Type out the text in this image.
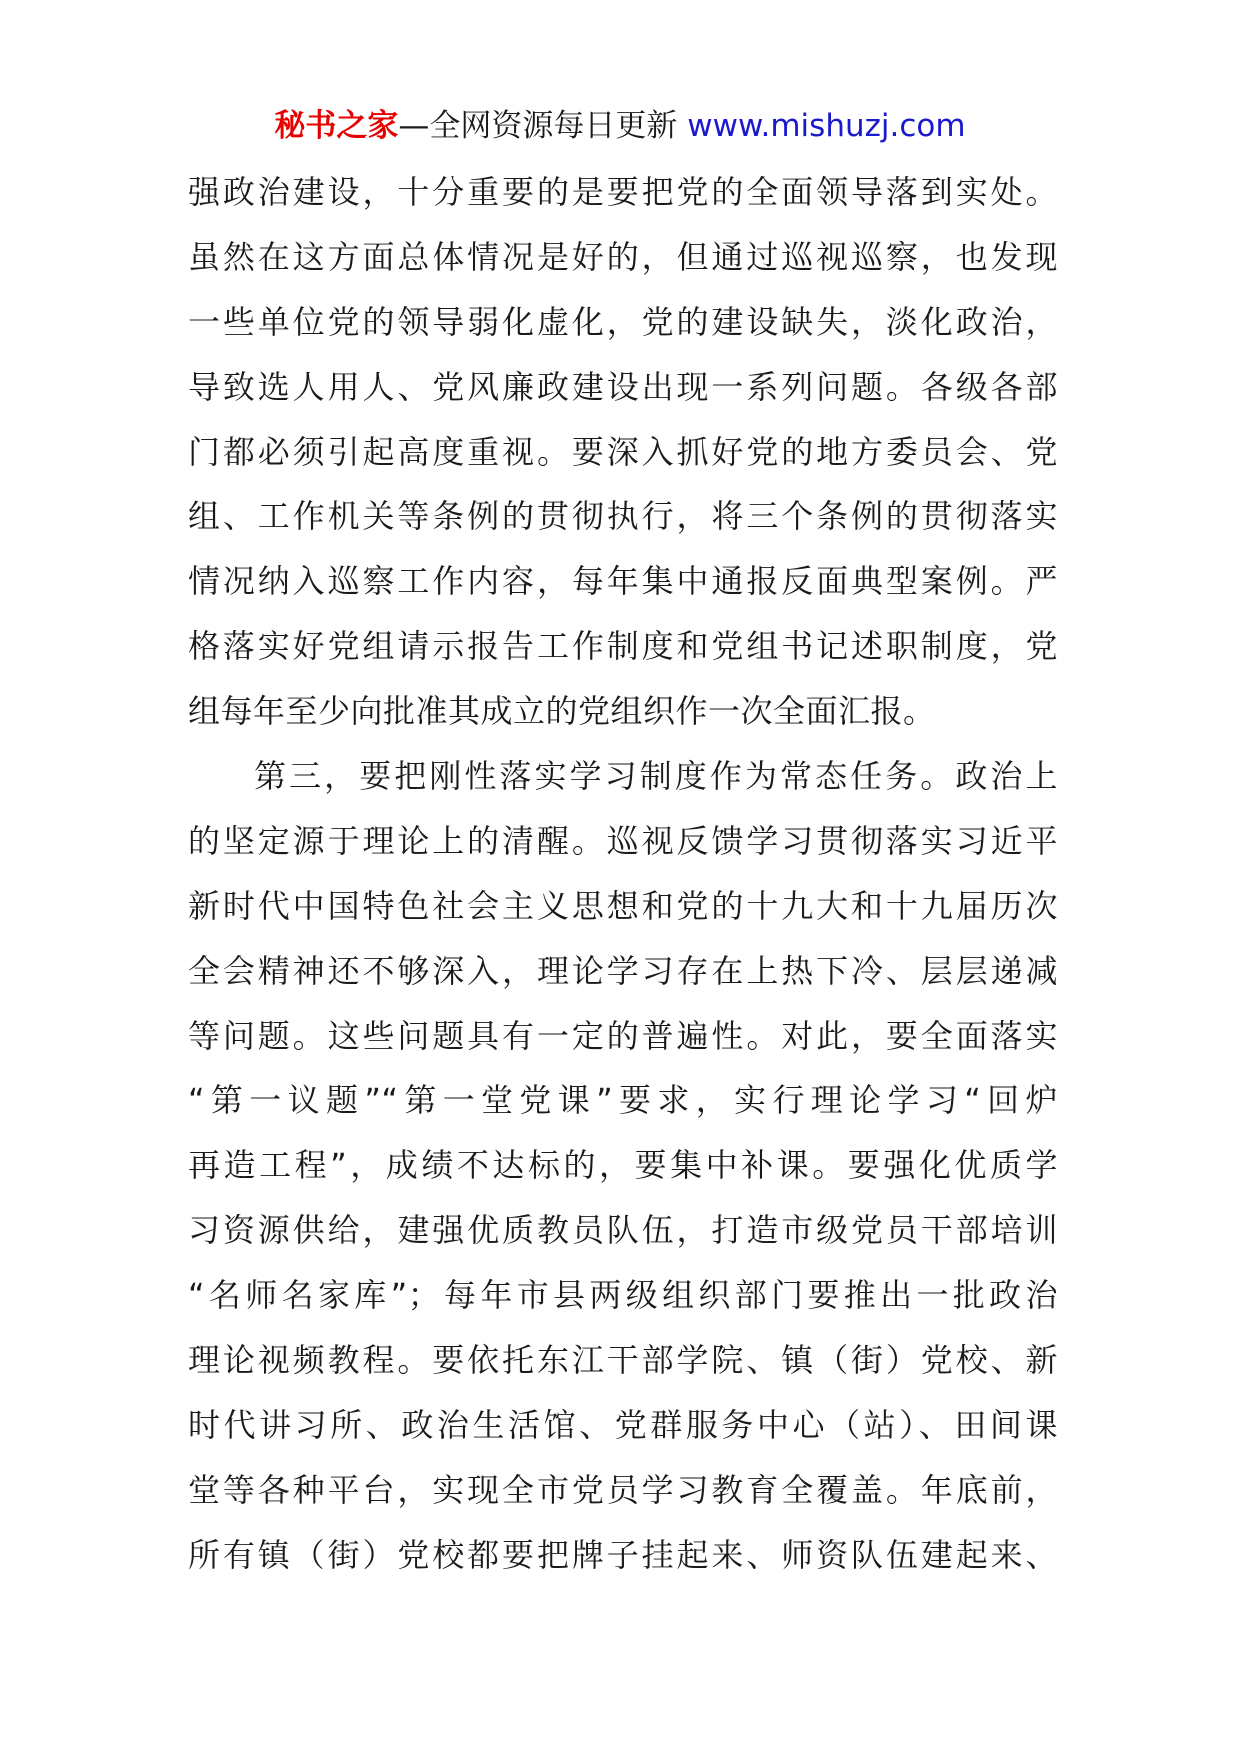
秘书之家—全网资源每日更新 www.mishuzj.com
强政治建设，十分重要的是要把党的全面领导落到实处。
虽然在这方面总体情况是好的，但通过巡视巡察，也发现
一些单位党的领导弱化虚化，党的建设缺失，淡化政治，
导致选人用人、党风廉政建设出现一系列问题。各级各部
门都必须引起高度重视。要深入抓好党的地方委员会、党
组、工作机关等条例的贯彻执行，将三个条例的贯彻落实
情况纳入巡察工作内容，每年集中通报反面典型案例。严
格落实好党组请示报告工作制度和党组书记述职制度，党
组每年至少向批准其成立的党组织作一次全面汇报。
第三，要把刚性落实学习制度作为常态任务。政治上
的坚定源于理论上的清醒。巡视反馈学习贯彻落实习近平
新时代中国特色社会主义思想和党的十九大和十九届历次
全会精神还不够深入，理论学习存在上热下冷、层层递减
等问题。这些问题具有一定的普遍性。对此，要全面落实
“第一议题”“第一堂党课”要求，实行理论学习“回炉
再造工程”，成绩不达标的，要集中补课。要强化优质学
习资源供给，建强优质教员队伍，打造市级党员干部培训
“名师名家库”；每年市县两级组织部门要推出一批政治
理论视频教程。要依托东江干部学院、镇（街）党校、新
时代讲习所、政治生活馆、党群服务中心（站）、田间课
堂等各种平台，实现全市党员学习教育全覆盖。年底前，
所有镇（街）党校都要把牌子挂起来、师资队伍建起来、
